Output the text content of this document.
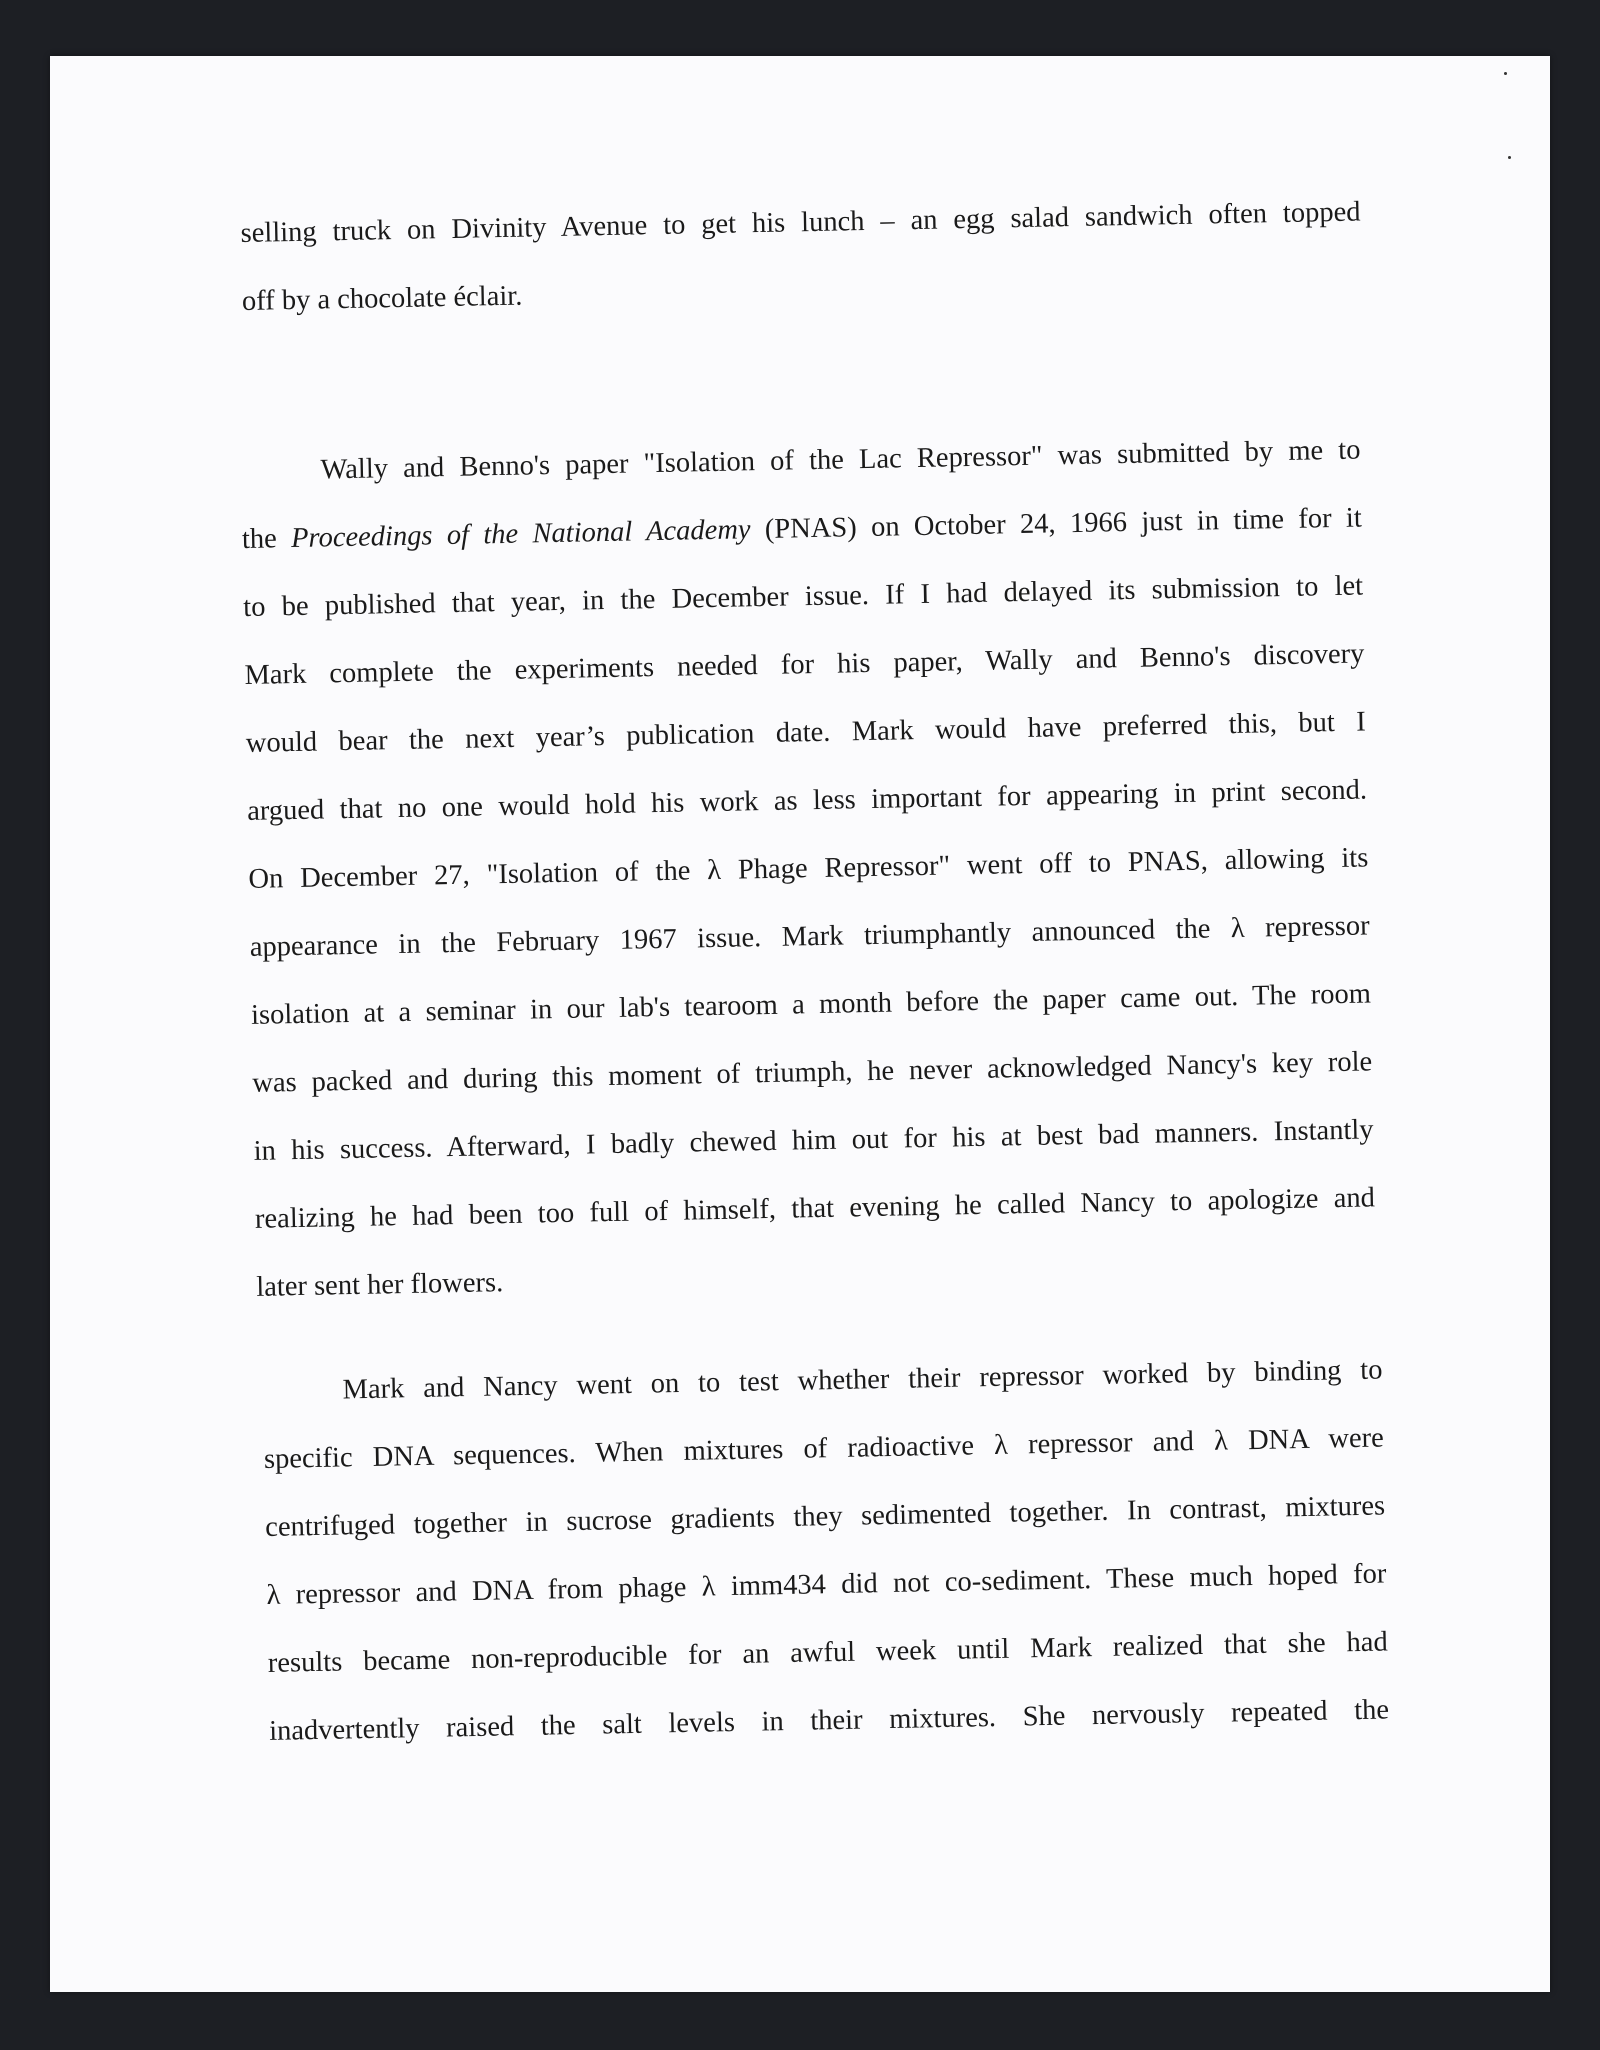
selling truck on Divinity Avenue to get his lunch – an egg salad sandwich often topped
off by a chocolate éclair.
Wally and Benno's paper "Isolation of the Lac Repressor" was submitted by me to
the Proceedings of the National Academy (PNAS) on October 24, 1966 just in time for it
to be published that year, in the December issue. If I had delayed its submission to let
Mark complete the experiments needed for his paper, Wally and Benno's discovery
would bear the next year’s publication date. Mark would have preferred this, but I
argued that no one would hold his work as less important for appearing in print second.
On December 27, "Isolation of the λ Phage Repressor" went off to PNAS, allowing its
appearance in the February 1967 issue. Mark triumphantly announced the λ repressor
isolation at a seminar in our lab's tearoom a month before the paper came out. The room
was packed and during this moment of triumph, he never acknowledged Nancy's key role
in his success. Afterward, I badly chewed him out for his at best bad manners. Instantly
realizing he had been too full of himself, that evening he called Nancy to apologize and
later sent her flowers.
Mark and Nancy went on to test whether their repressor worked by binding to
specific DNA sequences. When mixtures of radioactive λ repressor and λ DNA were
centrifuged together in sucrose gradients they sedimented together. In contrast, mixtures
λ repressor and DNA from phage λ imm434 did not co-sediment. These much hoped for
results became non-reproducible for an awful week until Mark realized that she had
inadvertently raised the salt levels in their mixtures. She nervously repeated the
